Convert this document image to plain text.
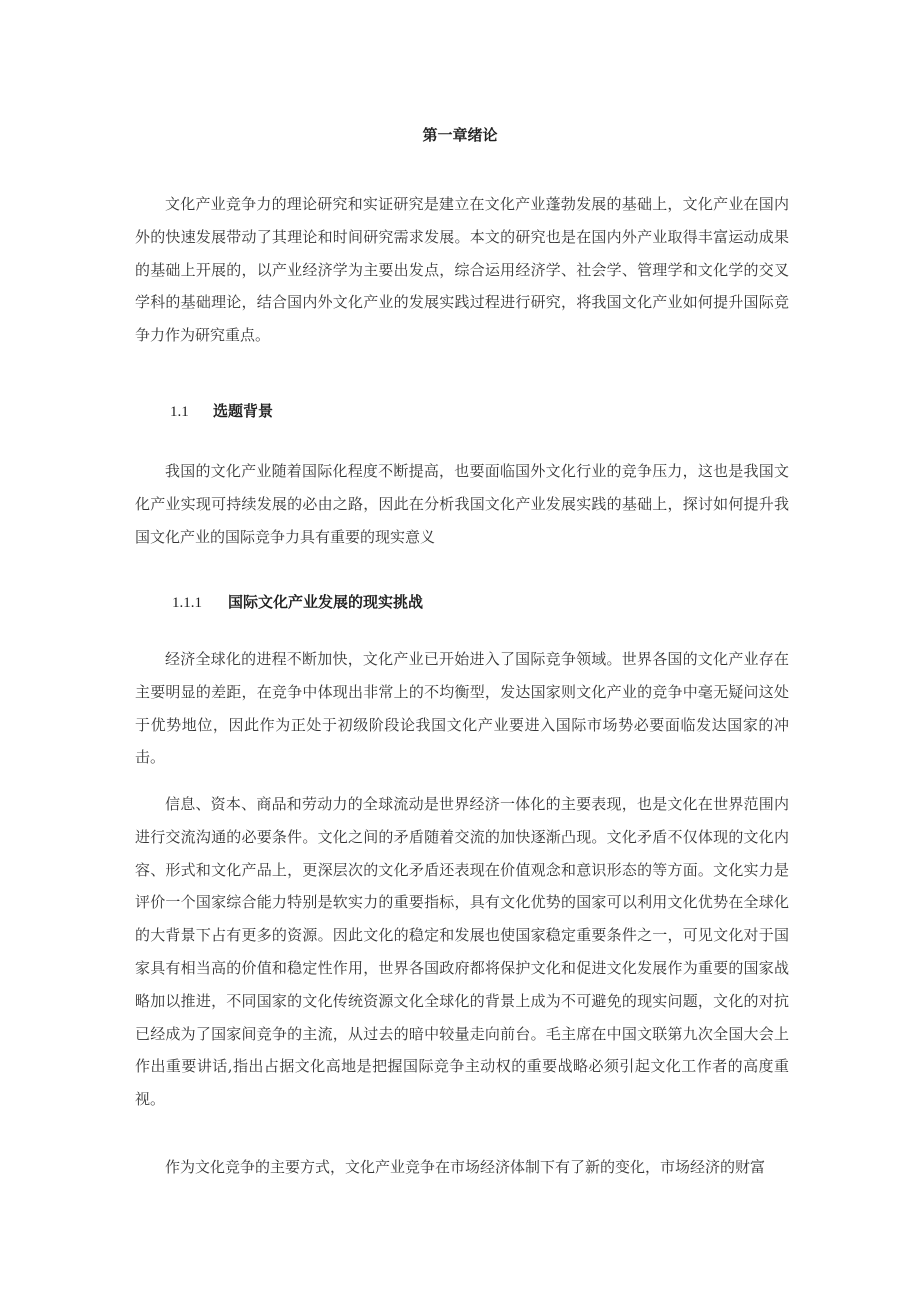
第一章绪论
文化产业竞争力的理论研究和实证研究是建立在文化产业蓬勃发展的基础上，文化产业在国内外的快速发展带动了其理论和时间研究需求发展。本文的研究也是在国内外产业取得丰富运动成果的基础上开展的，以产业经济学为主要出发点，综合运用经济学、社会学、管理学和文化学的交叉学科的基础理论，结合国内外文化产业的发展实践过程进行研究，将我国文化产业如何提升国际竞争力作为研究重点。
1.1 选题背景
我国的文化产业随着国际化程度不断提高，也要面临国外文化行业的竞争压力，这也是我国文化产业实现可持续发展的必由之路，因此在分析我国文化产业发展实践的基础上，探讨如何提升我国文化产业的国际竞争力具有重要的现实意义
1.1.1 国际文化产业发展的现实挑战
经济全球化的进程不断加快，文化产业已开始进入了国际竞争领域。世界各国的文化产业存在主要明显的差距，在竞争中体现出非常上的不均衡型，发达国家则文化产业的竞争中毫无疑问这处于优势地位，因此作为正处于初级阶段论我国文化产业要进入国际市场势必要面临发达国家的冲击。
信息、资本、商品和劳动力的全球流动是世界经济一体化的主要表现，也是文化在世界范围内进行交流沟通的必要条件。文化之间的矛盾随着交流的加快逐渐凸现。文化矛盾不仅体现的文化内容、形式和文化产品上，更深层次的文化矛盾还表现在价值观念和意识形态的等方面。文化实力是评价一个国家综合能力特别是软实力的重要指标，具有文化优势的国家可以利用文化优势在全球化的大背景下占有更多的资源。因此文化的稳定和发展也使国家稳定重要条件之一，可见文化对于国家具有相当高的价值和稳定性作用，世界各国政府都将保护文化和促进文化发展作为重要的国家战略加以推进，不同国家的文化传统资源文化全球化的背景上成为不可避免的现实问题，文化的对抗已经成为了国家间竞争的主流，从过去的暗中较量走向前台。毛主席在中国文联第九次全国大会上作出重要讲话,指出占据文化高地是把握国际竞争主动权的重要战略必须引起文化工作者的高度重视。
作为文化竞争的主要方式，文化产业竞争在市场经济体制下有了新的变化，市场经济的财富
